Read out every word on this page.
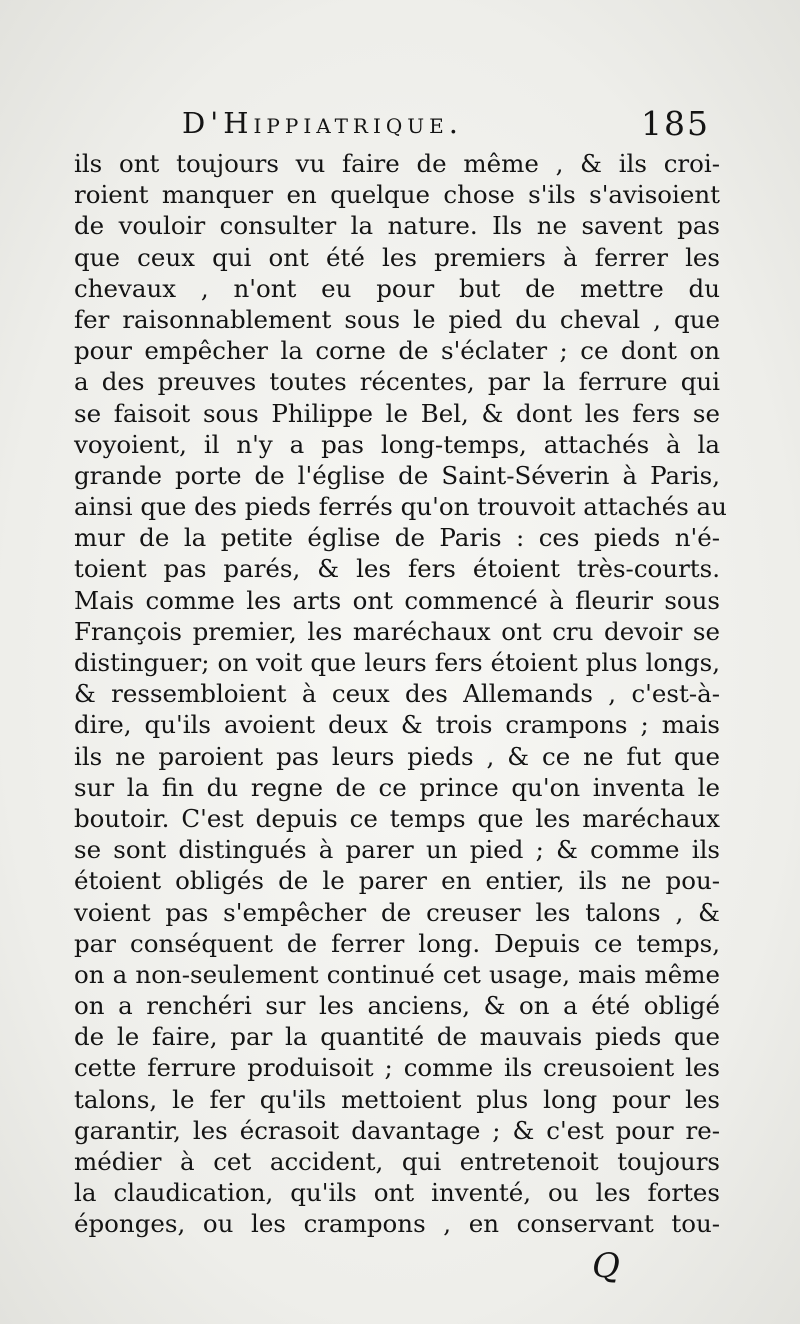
D'Hippiatrique.	185
ils ont toujours vu faire de même , & ils croi-
roient manquer en quelque chose s'ils s'avisoient
de vouloir consulter la nature. Ils ne savent pas
que ceux qui ont été les premiers à ferrer les
chevaux , n'ont eu pour but de mettre du
fer raisonnablement sous le pied du cheval , que
pour empêcher la corne de s'éclater ; ce dont on
a des preuves toutes récentes, par la ferrure qui
se faisoit sous Philippe le Bel, & dont les fers se
voyoient, il n'y a pas long-temps, attachés à la
grande porte de l'église de Saint-Séverin à Paris,
ainsi que des pieds ferrés qu'on trouvoit attachés au
mur de la petite église de Paris : ces pieds n'é-
toient pas parés, & les fers étoient très-courts.
Mais comme les arts ont commencé à fleurir sous
François premier, les maréchaux ont cru devoir se
distinguer; on voit que leurs fers étoient plus longs,
& ressembloient à ceux des Allemands , c'est-à-
dire, qu'ils avoient deux & trois crampons ; mais
ils ne paroient pas leurs pieds , & ce ne fut que
sur la fin du regne de ce prince qu'on inventa le
boutoir. C'est depuis ce temps que les maréchaux
se sont distingués à parer un pied ; & comme ils
étoient obligés de le parer en entier, ils ne pou-
voient pas s'empêcher de creuser les talons , &
par conséquent de ferrer long. Depuis ce temps,
on a non-seulement continué cet usage, mais même
on a renchéri sur les anciens, & on a été obligé
de le faire, par la quantité de mauvais pieds que
cette ferrure produisoit ; comme ils creusoient les
talons, le fer qu'ils mettoient plus long pour les
garantir, les écrasoit davantage ; & c'est pour re-
médier à cet accident, qui entretenoit toujours
la claudication, qu'ils ont inventé, ou les fortes
éponges, ou les crampons , en conservant tou-
Q
